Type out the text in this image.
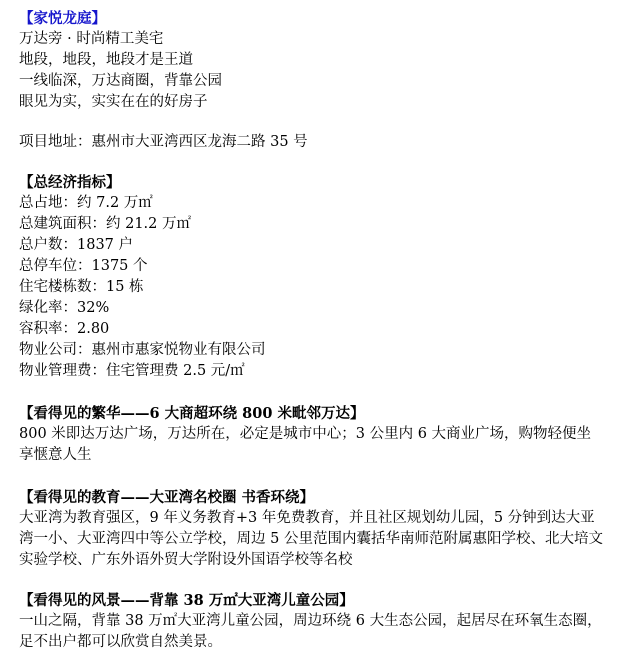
【家悦龙庭】
万达旁 · 时尚精工美宅
地段，地段，地段才是王道
一线临深，万达商圈，背靠公园
眼见为实，实实在在的好房子
项目地址：惠州市大亚湾西区龙海二路 35 号
【总经济指标】
总占地：约 7.2 万㎡
总建筑面积：约 21.2 万㎡
总户数：1837 户
总停车位：1375 个
住宅楼栋数：15 栋
绿化率：32%
容积率：2.80
物业公司：惠州市惠家悦物业有限公司
物业管理费：住宅管理费 2.5 元/㎡
【看得见的繁华——6 大商超环绕 800 米毗邻万达】
800 米即达万达广场，万达所在，必定是城市中心；3 公里内 6 大商业广场，购物轻便坐享惬意人生
【看得见的教育——大亚湾名校圈 书香环绕】
大亚湾为教育强区，9 年义务教育+3 年免费教育，并且社区规划幼儿园，5 分钟到达大亚湾一小、大亚湾四中等公立学校，周边 5 公里范围内囊括华南师范附属惠阳学校、北大培文实验学校、广东外语外贸大学附设外国语学校等名校
【看得见的风景——背靠 38 万㎡大亚湾儿童公园】
一山之隔，背靠 38 万㎡大亚湾儿童公园，周边环绕 6 大生态公园，起居尽在环氧生态圈，足不出户都可以欣赏自然美景。
